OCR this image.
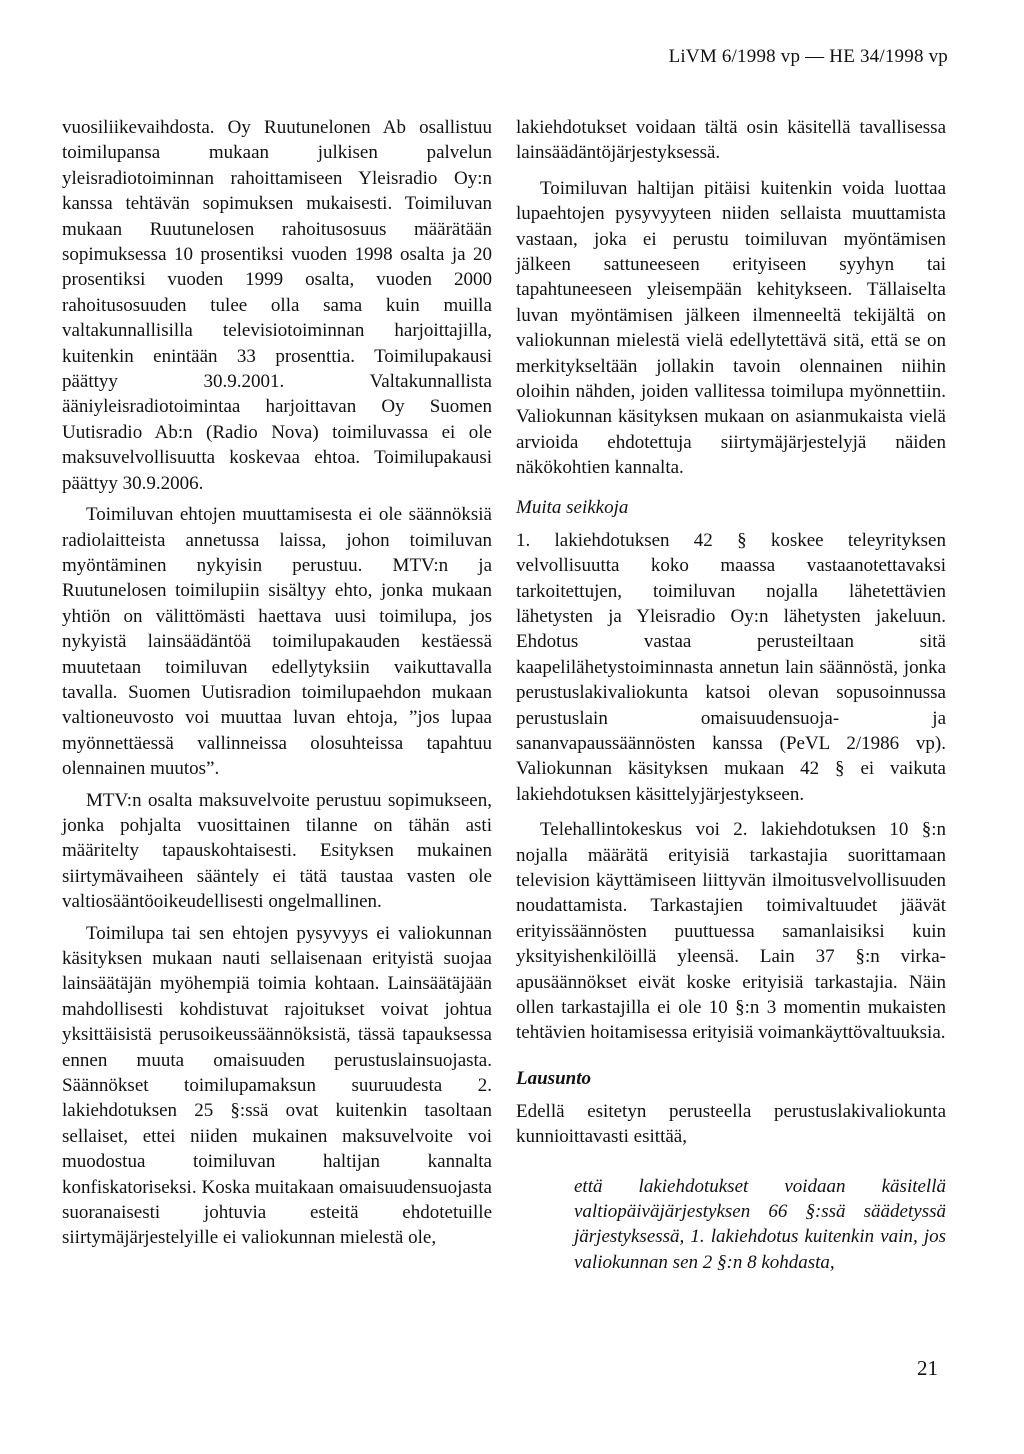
LiVM 6/1998 vp — HE 34/1998 vp

vuosiliikevaihdosta. Oy Ruutunelonen Ab osallistuu toimilupansa mukaan julkisen palvelun yleisradiotoiminnan rahoittamiseen Yleisradio Oy:n kanssa tehtävän sopimuksen mukaisesti. Toimiluvan mukaan Ruutunelosen rahoitusosuus määrätään sopimuksessa 10 prosentiksi vuoden 1998 osalta ja 20 prosentiksi vuoden 1999 osalta, vuoden 2000 rahoitusosuuden tulee olla sama kuin muilla valtakunnallisilla televisiotoiminnan harjoittajilla, kuitenkin enintään 33 prosenttia. Toimilupakausi päättyy 30.9.2001. Valtakunnallista ääniyleisradiotoimintaa harjoittavan Oy Suomen Uutisradio Ab:n (Radio Nova) toimiluvassa ei ole maksuvelvollisuutta koskevaa ehtoa. Toimilupakausi päättyy 30.9.2006.

Toimiluvan ehtojen muuttamisesta ei ole säännöksiä radiolaitteista annetussa laissa, johon toimiluvan myöntäminen nykyisin perustuu. MTV:n ja Ruutunelosen toimilupiin sisältyy ehto, jonka mukaan yhtiön on välittömästi haettava uusi toimilupa, jos nykyistä lainsäädäntöä toimilupakauden kestäessä muutetaan toimiluvan edellytyksiin vaikuttavalla tavalla. Suomen Uutisradion toimilupaehdon mukaan valtioneuvosto voi muuttaa luvan ehtoja, ”jos lupaa myönnettäessä vallinneissa olosuhteissa tapahtuu olennainen muutos”.

MTV:n osalta maksuvelvoite perustuu sopimukseen, jonka pohjalta vuosittainen tilanne on tähän asti määritelty tapauskohtaisesti. Esityksen mukainen siirtymävaiheen sääntely ei tätä taustaa vasten ole valtiosääntöoikeudellisesti ongelmallinen.

Toimilupa tai sen ehtojen pysyvyys ei valiokunnan käsityksen mukaan nauti sellaisenaan erityistä suojaa lainsäätäjän myöhempiä toimia kohtaan. Lainsäätäjään mahdollisesti kohdistuvat rajoitukset voivat johtua yksittäisistä perusoikeussäännöksistä, tässä tapauksessa ennen muuta omaisuuden perustuslainsuojasta. Säännökset toimilupamaksun suuruudesta 2. lakiehdotuksen 25 §:ssä ovat kuitenkin tasoltaan sellaiset, ettei niiden mukainen maksuvelvoite voi muodostua toimiluvan haltijan kannalta konfiskatoriseksi. Koska muitakaan omaisuudensuojasta suoranaisesti johtuvia esteitä ehdotetuille siirtymäjärjestelyille ei valiokunnan mielestä ole,

lakiehdotukset voidaan tältä osin käsitellä tavallisessa lainsäädäntöjärjestyksessä.

Toimiluvan haltijan pitäisi kuitenkin voida luottaa lupaehtojen pysyvyyteen niiden sellaista muuttamista vastaan, joka ei perustu toimiluvan myöntämisen jälkeen sattuneeseen erityiseen syyhyn tai tapahtuneeseen yleisempään kehitykseen. Tällaiselta luvan myöntämisen jälkeen ilmenneeltä tekijältä on valiokunnan mielestä vielä edellytettävä sitä, että se on merkitykseltään jollakin tavoin olennainen niihin oloihin nähden, joiden vallitessa toimilupa myönnettiin. Valiokunnan käsityksen mukaan on asianmukaista vielä arvioida ehdotettuja siirtymäjärjestelyjä näiden näkökohtien kannalta.

Muita seikkoja

1. lakiehdotuksen 42 § koskee teleyrityksen velvollisuutta koko maassa vastaanotettavaksi tarkoitettujen, toimiluvan nojalla lähetettävien lähetysten ja Yleisradio Oy:n lähetysten jakeluun. Ehdotus vastaa perusteiltaan sitä kaapelilähetystoiminnasta annetun lain säännöstä, jonka perustuslakivaliokunta katsoi olevan sopusoinnussa perustuslain omaisuudensuoja- ja sananvapaussäännösten kanssa (PeVL 2/1986 vp). Valiokunnan käsityksen mukaan 42 § ei vaikuta lakiehdotuksen käsittelyjärjestykseen.

Telehallintokeskus voi 2. lakiehdotuksen 10 §:n nojalla määrätä erityisiä tarkastajia suorittamaan television käyttämiseen liittyvän ilmoitusvelvollisuuden noudattamista. Tarkastajien toimivaltuudet jäävät erityissäännösten puuttuessa samanlaisiksi kuin yksityishenkilöillä yleensä. Lain 37 §:n virka-apusäännökset eivät koske erityisiä tarkastajia. Näin ollen tarkastajilla ei ole 10 §:n 3 momentin mukaisten tehtävien hoitamisessa erityisiä voimankäyttövaltuuksia.

Lausunto

Edellä esitetyn perusteella perustuslakivaliokunta kunnioittavasti esittää,

että lakiehdotukset voidaan käsitellä valtiopäiväjärjestyksen 66 §:ssä säädetyssä järjestyksessä, 1. lakiehdotus kuitenkin vain, jos valiokunnan sen 2 §:n 8 kohdasta,

21
